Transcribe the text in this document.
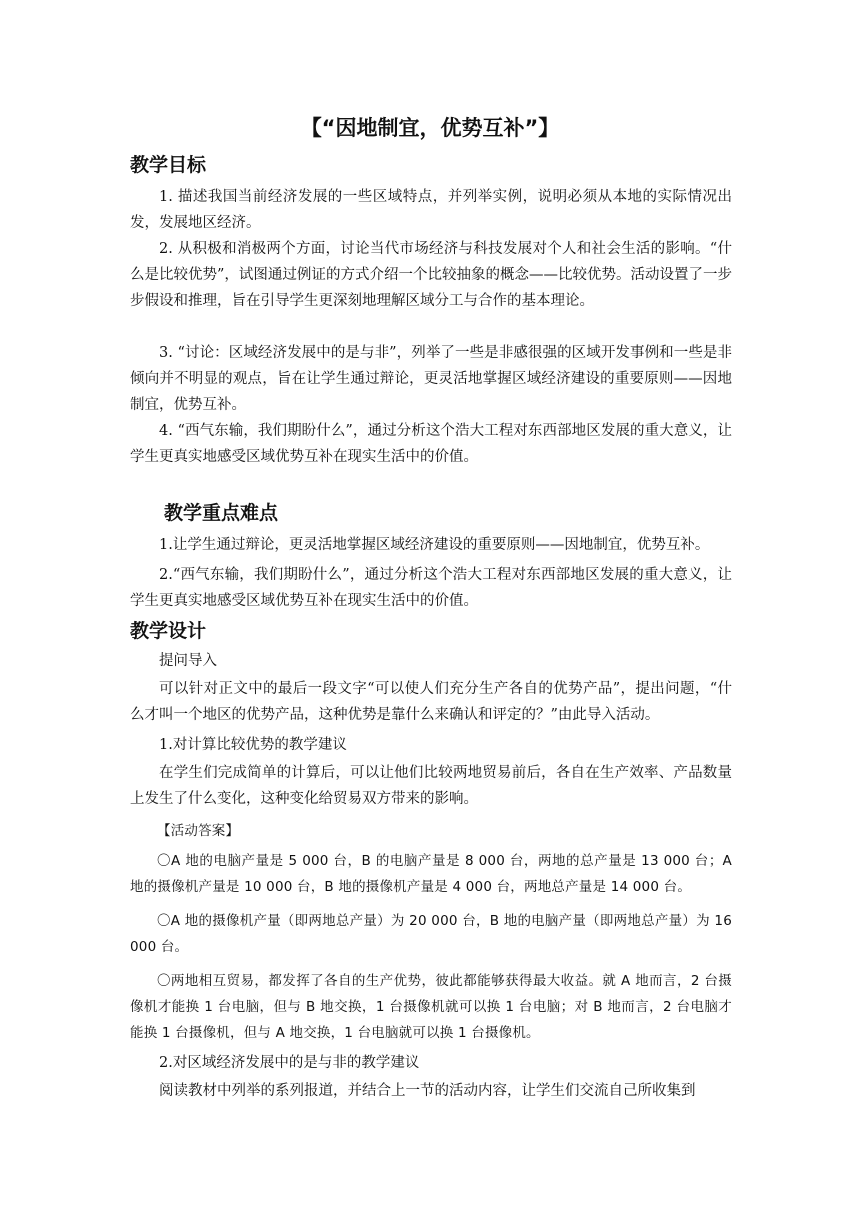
【“因地制宜，优势互补”】
教学目标

1. 描述我国当前经济发展的一些区域特点，并列举实例，说明必须从本地的实际情况出发，发展地区经济。

2. 从积极和消极两个方面，讨论当代市场经济与科技发展对个人和社会生活的影响。“什么是比较优势”，试图通过例证的方式介绍一个比较抽象的概念——比较优势。活动设置了一步步假设和推理，旨在引导学生更深刻地理解区域分工与合作的基本理论。

3. “讨论：区域经济发展中的是与非”，列举了一些是非感很强的区域开发事例和一些是非倾向并不明显的观点，旨在让学生通过辩论，更灵活地掌握区域经济建设的重要原则——因地制宜，优势互补。

4. “西气东输，我们期盼什么”，通过分析这个浩大工程对东西部地区发展的重大意义，让学生更真实地感受区域优势互补在现实生活中的价值。

教学重点难点

1.让学生通过辩论，更灵活地掌握区域经济建设的重要原则——因地制宜，优势互补。

2.“西气东输，我们期盼什么”，通过分析这个浩大工程对东西部地区发展的重大意义，让学生更真实地感受区域优势互补在现实生活中的价值。

教学设计

提问导入

可以针对正文中的最后一段文字“可以使人们充分生产各自的优势产品”，提出问题，“什么才叫一个地区的优势产品，这种优势是靠什么来确认和评定的？”由此导入活动。

1.对计算比较优势的教学建议

在学生们完成简单的计算后，可以让他们比较两地贸易前后，各自在生产效率、产品数量上发生了什么变化，这种变化给贸易双方带来的影响。

【活动答案】

〇A 地的电脑产量是 5 000 台，B 的电脑产量是 8 000 台，两地的总产量是 13 000 台；A 地的摄像机产量是 10 000 台，B 地的摄像机产量是 4 000 台，两地总产量是 14 000 台。

〇A 地的摄像机产量（即两地总产量）为 20 000 台，B 地的电脑产量（即两地总产量）为 16 000 台。

〇两地相互贸易，都发挥了各自的生产优势，彼此都能够获得最大收益。就 A 地而言，2 台摄像机才能换 1 台电脑，但与 B 地交换，1 台摄像机就可以换 1 台电脑；对 B 地而言，2 台电脑才能换 1 台摄像机，但与 A 地交换，1 台电脑就可以换 1 台摄像机。

2.对区域经济发展中的是与非的教学建议

阅读教材中列举的系列报道，并结合上一节的活动内容，让学生们交流自己所收集到
